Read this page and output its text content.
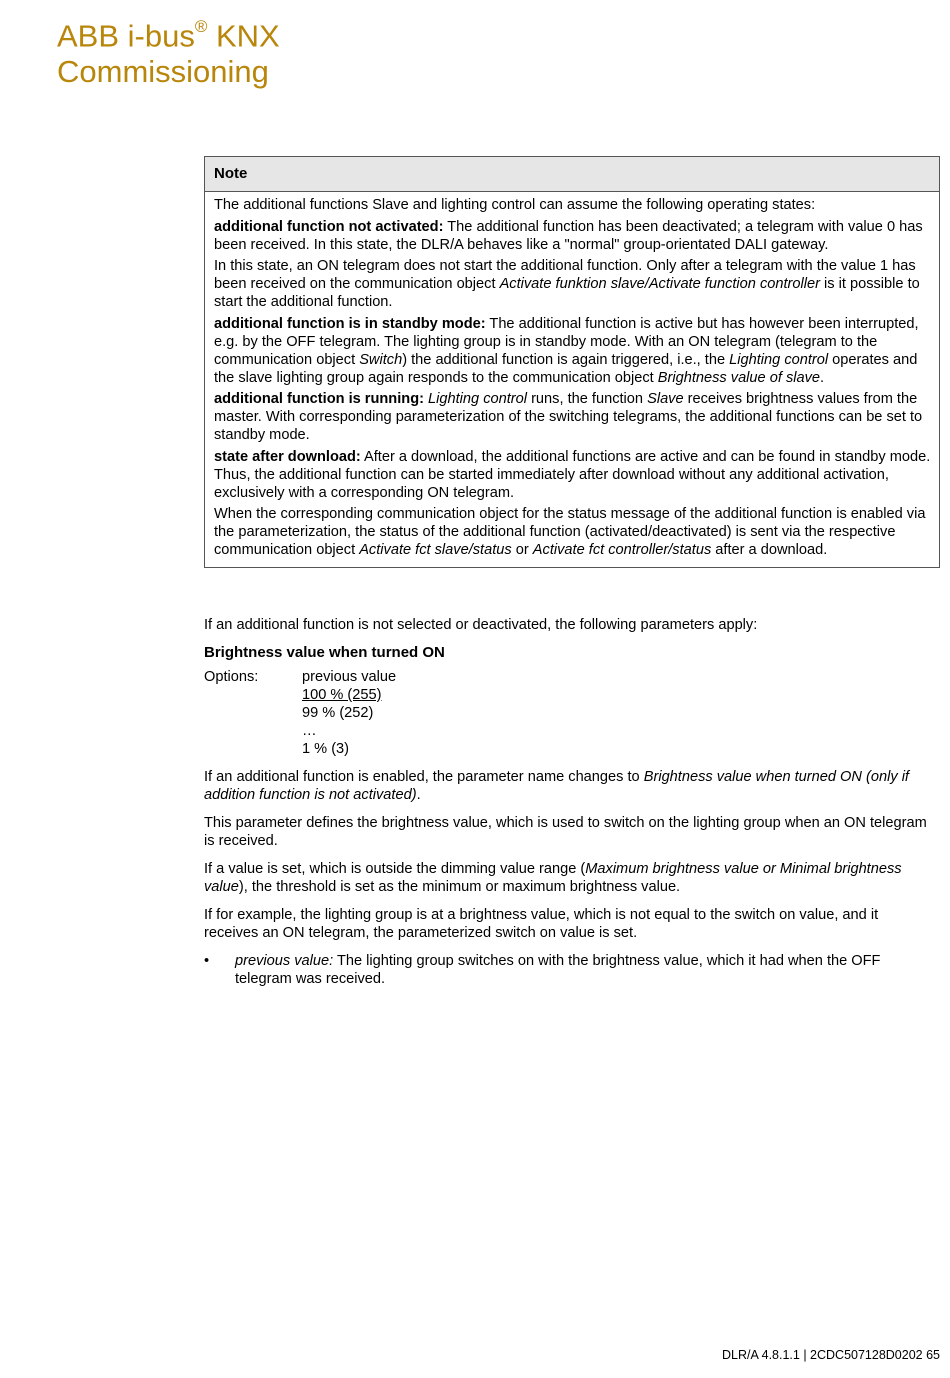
ABB i-bus® KNX
Commissioning
Note

The additional functions Slave and lighting control can assume the following operating states:

additional function not activated: The additional function has been deactivated; a telegram with value 0 has been received. In this state, the DLR/A behaves like a "normal" group-orientated DALI gateway.

In this state, an ON telegram does not start the additional function. Only after a telegram with the value 1 has been received on the communication object Activate funktion slave/Activate function controller is it possible to start the additional function.

additional function is in standby mode: The additional function is active but has however been interrupted, e.g. by the OFF telegram. The lighting group is in standby mode. With an ON telegram (telegram to the communication object Switch) the additional function is again triggered, i.e., the Lighting control operates and the slave lighting group again responds to the communication object Brightness value of slave.

additional function is running: Lighting control runs, the function Slave receives brightness values from the master. With corresponding parameterization of the switching telegrams, the additional functions can be set to standby mode.

state after download: After a download, the additional functions are active and can be found in standby mode. Thus, the additional function can be started immediately after download without any additional activation, exclusively with a corresponding ON telegram.

When the corresponding communication object for the status message of the additional function is enabled via the parameterization, the status of the additional function (activated/deactivated) is sent via the respective communication object Activate fct slave/status or Activate fct controller/status after a download.

If an additional function is not selected or deactivated, the following parameters apply:

Brightness value when turned ON
Options:	previous value
100 % (255)
99 % (252)
…
1 % (3)

If an additional function is enabled, the parameter name changes to Brightness value when turned ON (only if addition function is not activated).

This parameter defines the brightness value, which is used to switch on the lighting group when an ON telegram is received.

If a value is set, which is outside the dimming value range (Maximum brightness value or Minimal brightness value), the threshold is set as the minimum or maximum brightness value.

If for example, the lighting group is at a brightness value, which is not equal to the switch on value, and it receives an ON telegram, the parameterized switch on value is set.

•	previous value: The lighting group switches on with the brightness value, which it had when the OFF telegram was received.
DLR/A 4.8.1.1 | 2CDC507128D0202 65
